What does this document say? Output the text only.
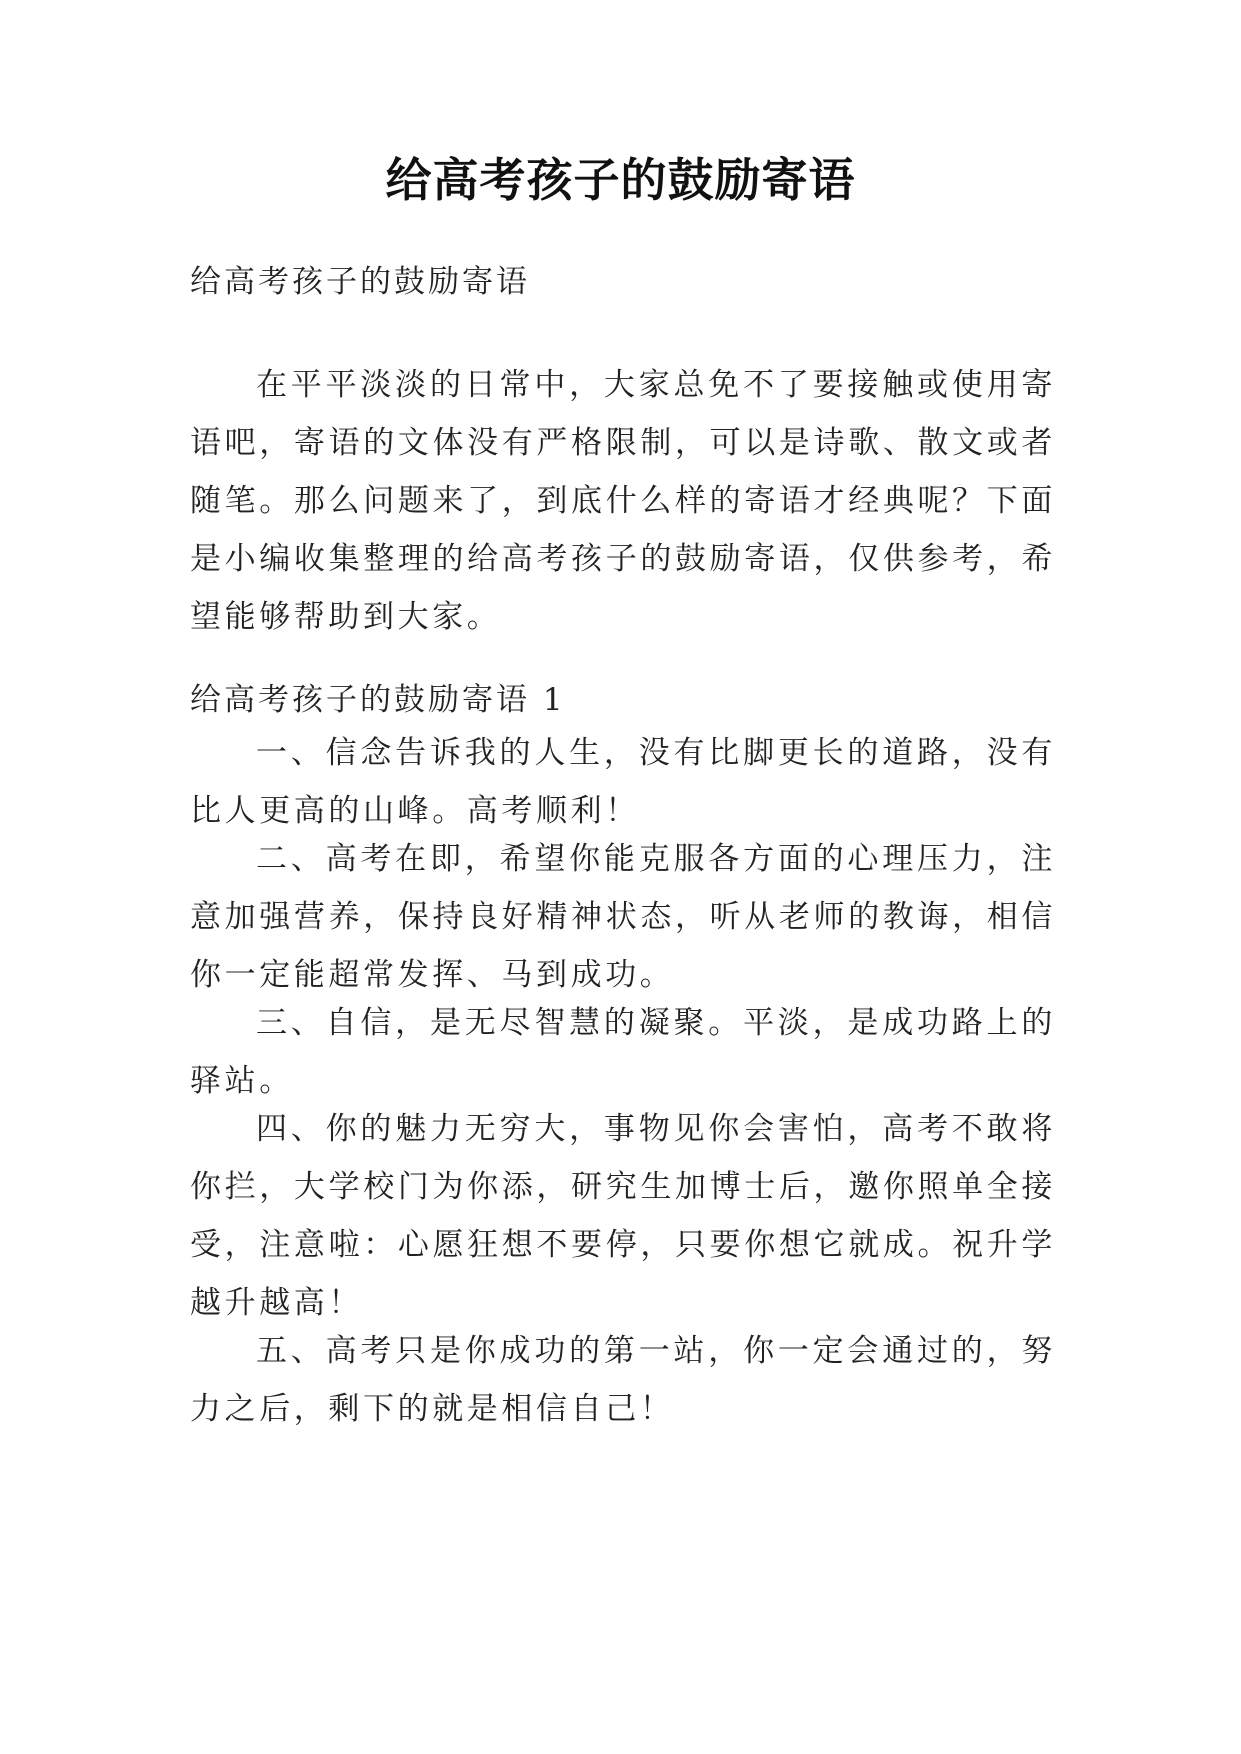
给高考孩子的鼓励寄语
给高考孩子的鼓励寄语

在平平淡淡的日常中，大家总免不了要接触或使用寄语吧，寄语的文体没有严格限制，可以是诗歌、散文或者随笔。那么问题来了，到底什么样的寄语才经典呢？下面是小编收集整理的给高考孩子的鼓励寄语，仅供参考，希望能够帮助到大家。

给高考孩子的鼓励寄语 1

一、信念告诉我的人生，没有比脚更长的道路，没有比人更高的山峰。高考顺利！

二、高考在即，希望你能克服各方面的心理压力，注意加强营养，保持良好精神状态，听从老师的教诲，相信你一定能超常发挥、马到成功。

三、自信，是无尽智慧的凝聚。平淡，是成功路上的驿站。

四、你的魅力无穷大，事物见你会害怕，高考不敢将你拦，大学校门为你添，研究生加博士后，邀你照单全接受，注意啦：心愿狂想不要停，只要你想它就成。祝升学越升越高！

五、高考只是你成功的第一站，你一定会通过的，努力之后，剩下的就是相信自己！
